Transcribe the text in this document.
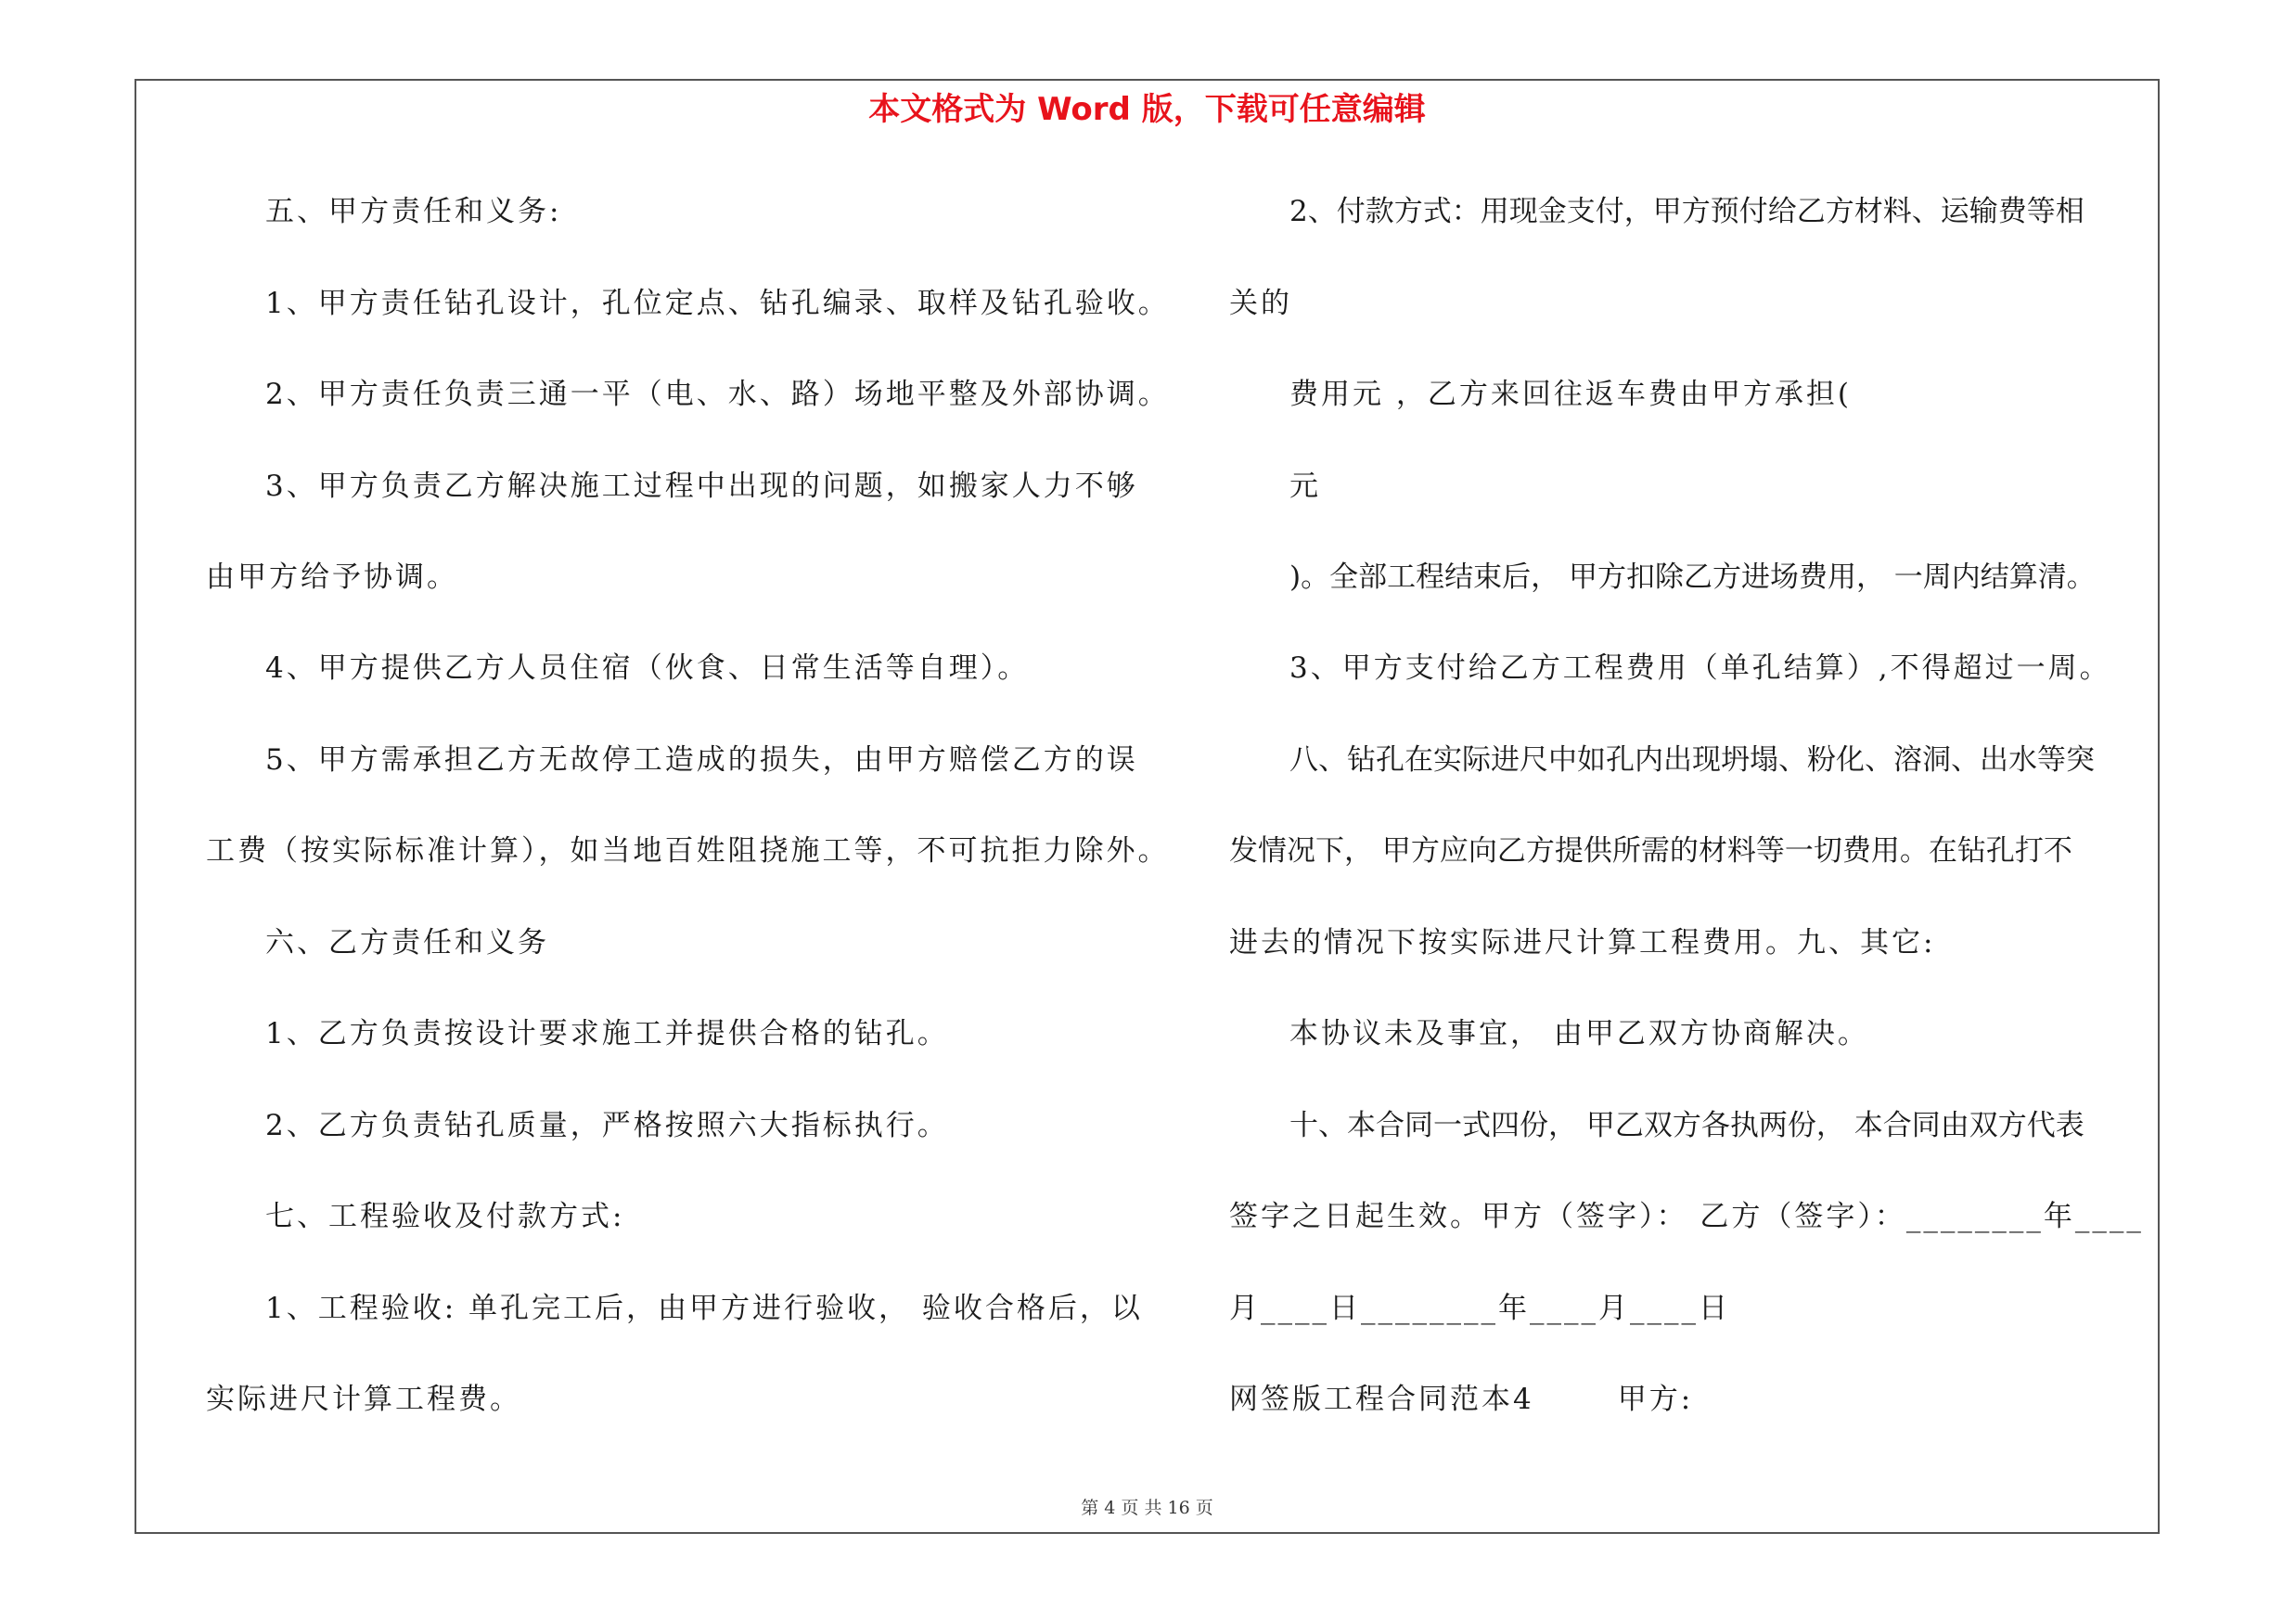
本文格式为 Word 版，下载可任意编辑
五、甲方责任和义务:
1、甲方责任钻孔设计，孔位定点、钻孔编录、取样及钻孔验收。
2、甲方责任负责三通一平（电、水、路）场地平整及外部协调。
3、甲方负责乙方解决施工过程中出现的问题，如搬家人力不够
由甲方给予协调。
4、甲方提供乙方人员住宿（伙食、日常生活等自理）。
5、甲方需承担乙方无故停工造成的损失，由甲方赔偿乙方的误
工费（按实际标准计算），如当地百姓阻挠施工等，不可抗拒力除外。
六、乙方责任和义务
1、乙方负责按设计要求施工并提供合格的钻孔。
2、乙方负责钻孔质量，严格按照六大指标执行。
七、工程验收及付款方式:
1、工程验收: 单孔完工后，由甲方进行验收， 验收合格后，以
实际进尺计算工程费。
2、付款方式：用现金支付，甲方预付给乙方材料、运输费等相
关的
费用元 ，乙方来回往返车费由甲方承担(
元
)。全部工程结束后， 甲方扣除乙方进场费用， 一周内结算清。
3、甲方支付给乙方工程费用（单孔结算）,不得超过一周。
八、钻孔在实际进尺中如孔内出现坍塌、粉化、溶洞、出水等突
发情况下， 甲方应向乙方提供所需的材料等一切费用。在钻孔打不
进去的情况下按实际进尺计算工程费用。九、其它:
本协议未及事宜， 由甲乙双方协商解决。
十、本合同一式四份， 甲乙双方各执两份， 本合同由双方代表
签字之日起生效。甲方（签字）： 乙方（签字）：________年____
月____日________年____月____日
网签版工程合同范本4       甲方:
第 4 页 共 16 页
